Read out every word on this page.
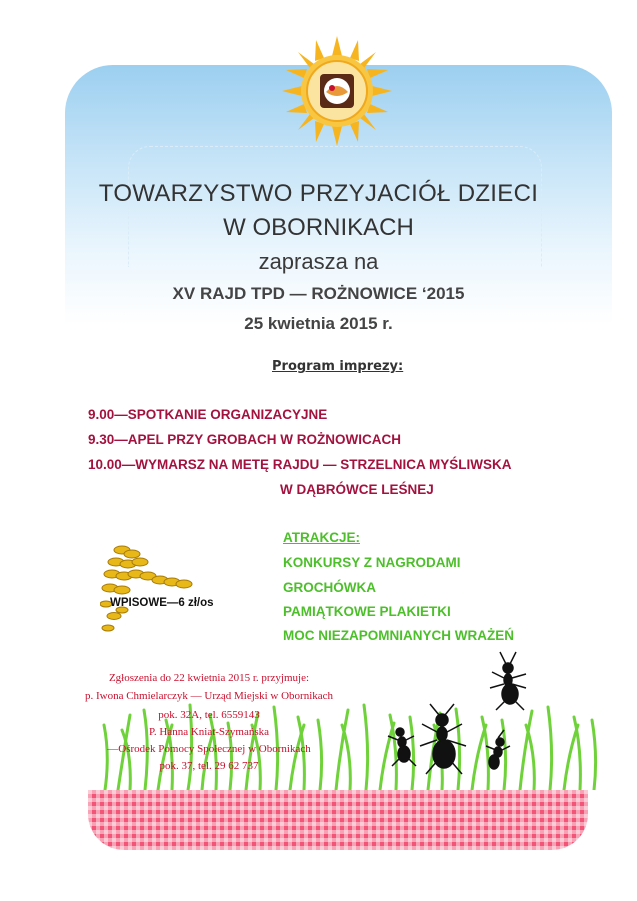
TOWARZYSTWO PRZYJACIÓŁ DZIECI
W OBORNIKACH
zaprasza na
XV RAJD TPD — ROŻNOWICE ‘2015
25 kwietnia 2015 r.
Program imprezy:
9.00—SPOTKANIE ORGANIZACYJNE
9.30—APEL PRZY GROBACH W ROŻNOWICACH
10.00—WYMARSZ NA METĘ RAJDU — STRZELNICA MYŚLIWSKA
W DĄBRÓWCE LEŚNEJ
WPISOWE—6 zł/os
ATRAKCJE:
KONKURSY Z NAGRODAMI
GROCHÓWKA
PAMIĄTKOWE PLAKIETKI
MOC NIEZAPOMNIANYCH WRAŻEŃ
Zgłoszenia do 22 kwietnia 2015 r. przyjmuje:
p. Iwona Chmielarczyk — Urząd Miejski w Obornikach
pok. 32A, tel. 6559143
P. Hanna Kniat-Szymańska
—Ośrodek Pomocy Społecznej w Obornikach
pok. 37, tel. 29 62 737
